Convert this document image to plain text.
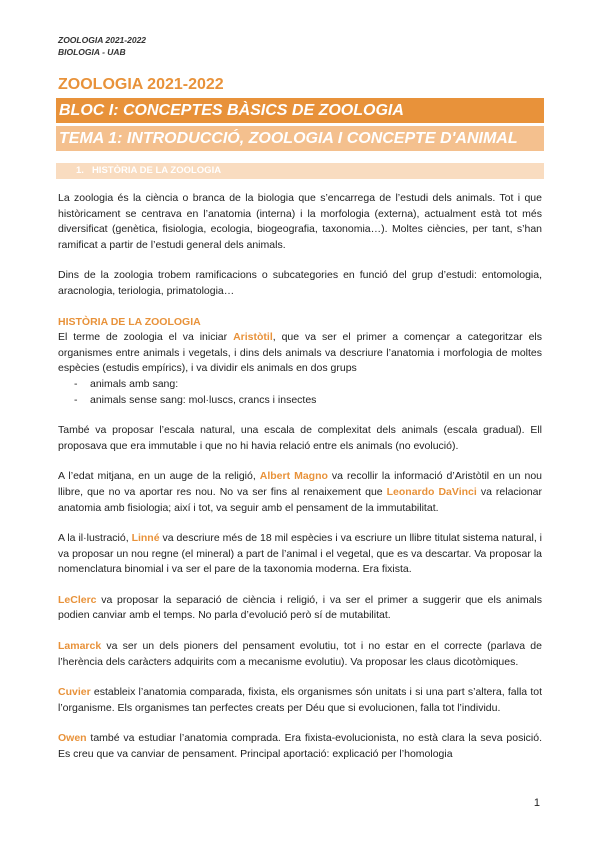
ZOOLOGIA 2021-2022
BIOLOGIA - UAB
ZOOLOGIA 2021-2022
BLOC I: CONCEPTES BÀSICS DE ZOOLOGIA
TEMA 1: INTRODUCCIÓ, ZOOLOGIA I CONCEPTE D'ANIMAL
1. HISTÒRIA DE LA ZOOLOGIA

La zoologia és la ciència o branca de la biologia que s’encarrega de l’estudi dels animals. Tot i que històricament se centrava en l’anatomia (interna) i la morfologia (externa), actualment està tot més diversificat (genètica, fisiologia, ecologia, biogeografia, taxonomia…). Moltes ciències, per tant, s’han ramificat a partir de l’estudi general dels animals.

Dins de la zoologia trobem ramificacions o subcategories en funció del grup d’estudi: entomologia, aracnologia, teriologia, primatologia…

HISTÒRIA DE LA ZOOLOGIA

El terme de zoologia el va iniciar Aristòtil, que va ser el primer a començar a categoritzar els organismes entre animals i vegetals, i dins dels animals va descriure l’anatomia i morfologia de moltes espècies (estudis empírics), i va dividir els animals en dos grups

- animals amb sang:
- animals sense sang: mol·luscs, crancs i insectes

També va proposar l’escala natural, una escala de complexitat dels animals (escala gradual). Ell proposava que era immutable i que no hi havia relació entre els animals (no evolució).

A l’edat mitjana, en un auge de la religió, Albert Magno va recollir la informació d’Aristòtil en un nou llibre, que no va aportar res nou. No va ser fins al renaixement que Leonardo DaVinci va relacionar anatomia amb fisiologia; així i tot, va seguir amb el pensament de la immutabilitat.

A la il·lustració, Linné va descriure més de 18 mil espècies i va escriure un llibre titulat sistema natural, i va proposar un nou regne (el mineral) a part de l’animal i el vegetal, que es va descartar. Va proposar la nomenclatura binomial i va ser el pare de la taxonomia moderna. Era fixista.

LeClerc va proposar la separació de ciència i religió, i va ser el primer a suggerir que els animals podien canviar amb el temps. No parla d’evolució però sí de mutabilitat.

Lamarck va ser un dels pioners del pensament evolutiu, tot i no estar en el correcte (parlava de l’herència dels caràcters adquirits com a mecanisme evolutiu). Va proposar les claus dicotòmiques.

Cuvier estableix l’anatomia comparada, fixista, els organismes són unitats i si una part s’altera, falla tot l’organisme. Els organismes tan perfectes creats per Déu que si evolucionen, falla tot l’individu.

Owen també va estudiar l’anatomia comprada. Era fixista-evolucionista, no està clara la seva posició. Es creu que va canviar de pensament. Principal aportació: explicació per l’homologia

1
